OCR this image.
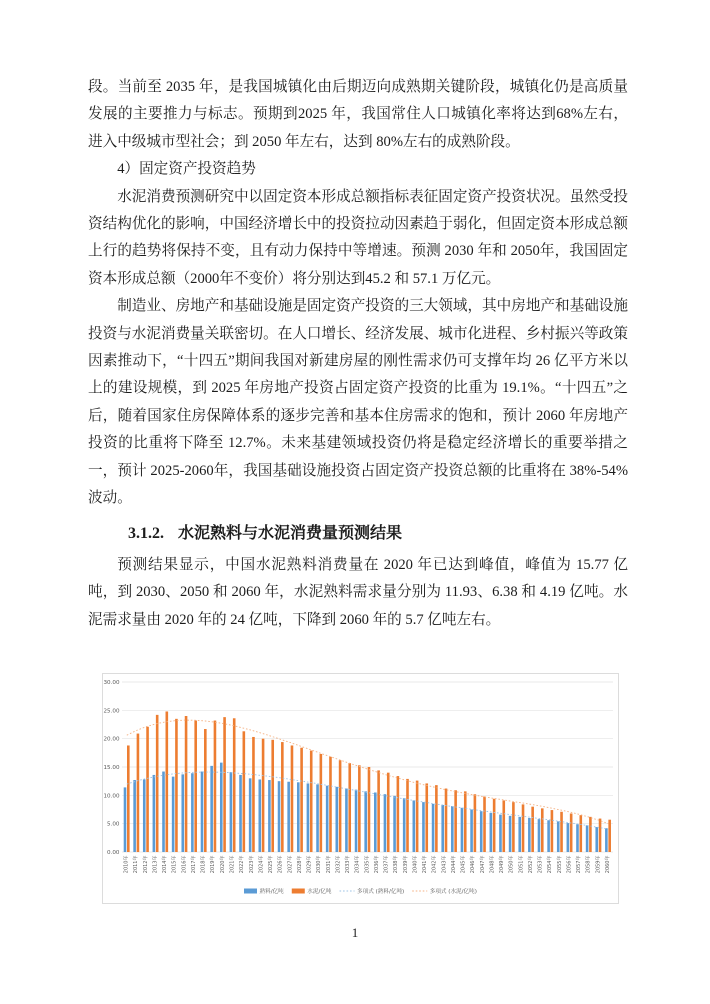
段。当前至 2035 年，是我国城镇化由后期迈向成熟期关键阶段，城镇化仍是高质量发展的主要推力与标志。预期到2025 年，我国常住人口城镇化率将达到68%左右，进入中级城市型社会；到 2050 年左右，达到 80%左右的成熟阶段。

4）固定资产投资趋势

水泥消费预测研究中以固定资本形成总额指标表征固定资产投资状况。虽然受投资结构优化的影响，中国经济增长中的投资拉动因素趋于弱化，但固定资本形成总额上行的趋势将保持不变，且有动力保持中等增速。预测 2030 年和 2050年，我国固定资本形成总额（2000年不变价）将分别达到45.2 和 57.1 万亿元。

制造业、房地产和基础设施是固定资产投资的三大领域，其中房地产和基础设施投资与水泥消费量关联密切。在人口增长、经济发展、城市化进程、乡村振兴等政策因素推动下，“十四五”期间我国对新建房屋的刚性需求仍可支撑年均 26 亿平方米以上的建设规模，到 2025 年房地产投资占固定资产投资的比重为 19.1%。“十四五”之后，随着国家住房保障体系的逐步完善和基本住房需求的饱和，预计 2060 年房地产投资的比重将下降至 12.7%。未来基建领域投资仍将是稳定经济增长的重要举措之一，预计 2025-2060年，我国基础设施投资占固定资产投资总额的比重将在 38%-54%波动。

3.1.2. 水泥熟料与水泥消费量预测结果

预测结果显示，中国水泥熟料消费量在 2020 年已达到峰值，峰值为 15.77 亿吨，到 2030、2050 和 2060 年，水泥熟料需求量分别为 11.93、6.38 和 4.19 亿吨。水泥需求量由 2020 年的 24 亿吨，下降到 2060 年的 5.7 亿吨左右。

0.00
5.00
10.00
15.00
20.00
25.00
30.00
2010年 2011年 2012年 2013年 2014年 2015年 2016年 2017年 2018年 2019年 2020年 2021年 2022年 2023年 2024年 2025年 2026年 2027年 2028年 2029年 2030年 2031年 2032年 2033年 2034年 2035年 2036年 2037年 2038年 2039年 2040年 2041年 2042年 2043年 2044年 2045年 2046年 2047年 2048年 2049年 2050年 2051年 2052年 2053年 2054年 2055年 2056年 2057年 2058年 2059年 2060年
熟料/亿吨	水泥/亿吨	多项式 (熟料/亿吨)	多项式 (水泥/亿吨)
1
